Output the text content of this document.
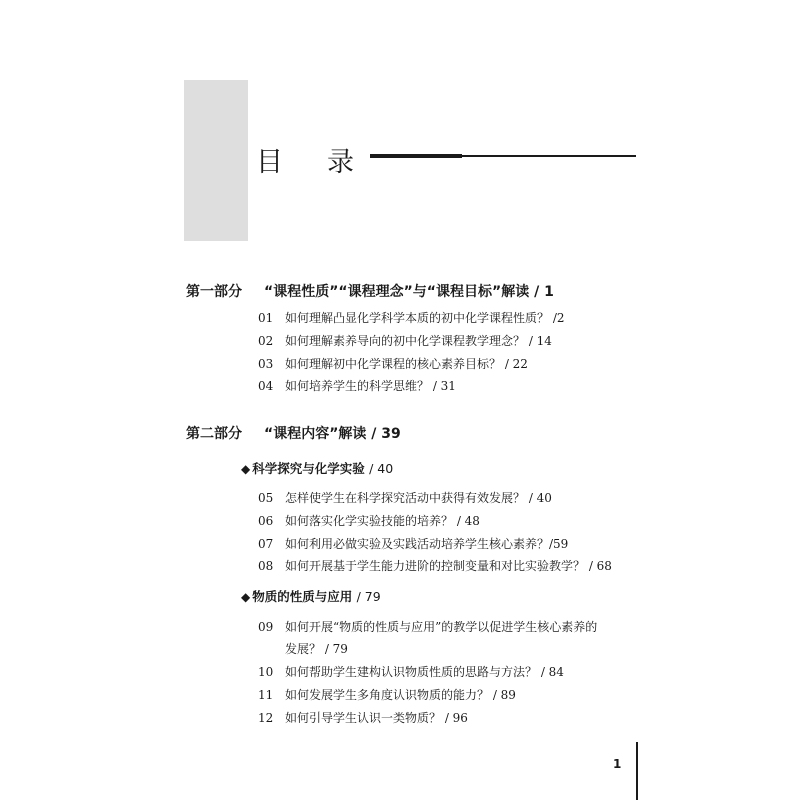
目 录
第一部分 “课程性质”“课程理念”与“课程目标”解读 / 1
01 如何理解凸显化学科学本质的初中化学课程性质？ /2
02 如何理解素养导向的初中化学课程教学理念？ / 14
03 如何理解初中化学课程的核心素养目标？ / 22
04 如何培养学生的科学思维？ / 31
第二部分 “课程内容”解读 / 39
◆ 科学探究与化学实验 / 40
05 怎样使学生在科学探究活动中获得有效发展？ / 40
06 如何落实化学实验技能的培养？ / 48
07 如何利用必做实验及实践活动培养学生核心素养？/59
08 如何开展基于学生能力进阶的控制变量和对比实验教学？ / 68
◆ 物质的性质与应用 / 79
09 如何开展“物质的性质与应用”的教学以促进学生核心素养的
发展？ / 79
10 如何帮助学生建构认识物质性质的思路与方法？ / 84
11 如何发展学生多角度认识物质的能力？ / 89
12 如何引导学生认识一类物质？ / 96
1
